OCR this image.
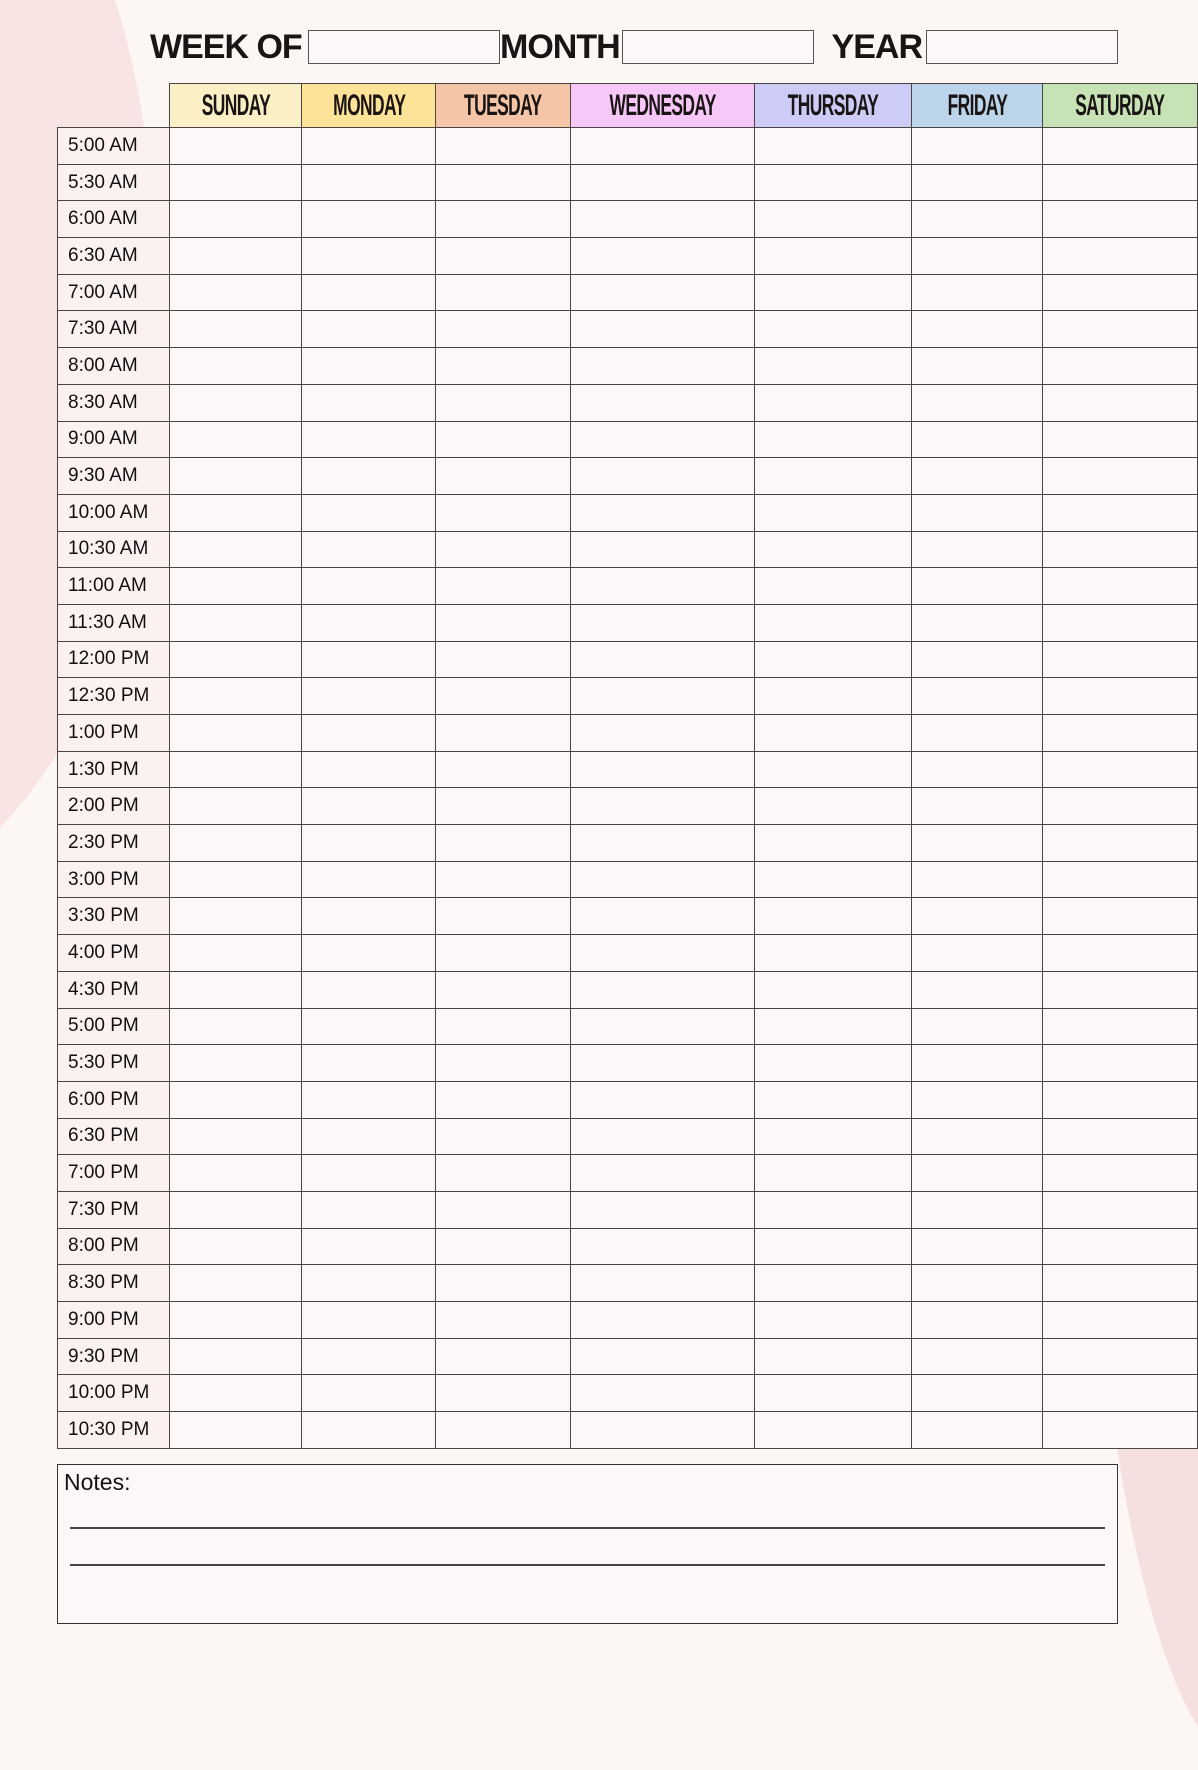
WEEK OF	MONTH	YEAR
	SUNDAY	MONDAY	TUESDAY	WEDNESDAY	THURSDAY	FRIDAY	SATURDAY
5:00 AM							
5:30 AM							
6:00 AM							
6:30 AM							
7:00 AM							
7:30 AM							
8:00 AM							
8:30 AM							
9:00 AM							
9:30 AM							
10:00 AM							
10:30 AM							
11:00 AM							
11:30 AM							
12:00 PM							
12:30 PM							
1:00 PM							
1:30 PM							
2:00 PM							
2:30 PM							
3:00 PM							
3:30 PM							
4:00 PM							
4:30 PM							
5:00 PM							
5:30 PM							
6:00 PM							
6:30 PM							
7:00 PM							
7:30 PM							
8:00 PM							
8:30 PM							
9:00 PM							
9:30 PM							
10:00 PM							
10:30 PM							
Notes:
